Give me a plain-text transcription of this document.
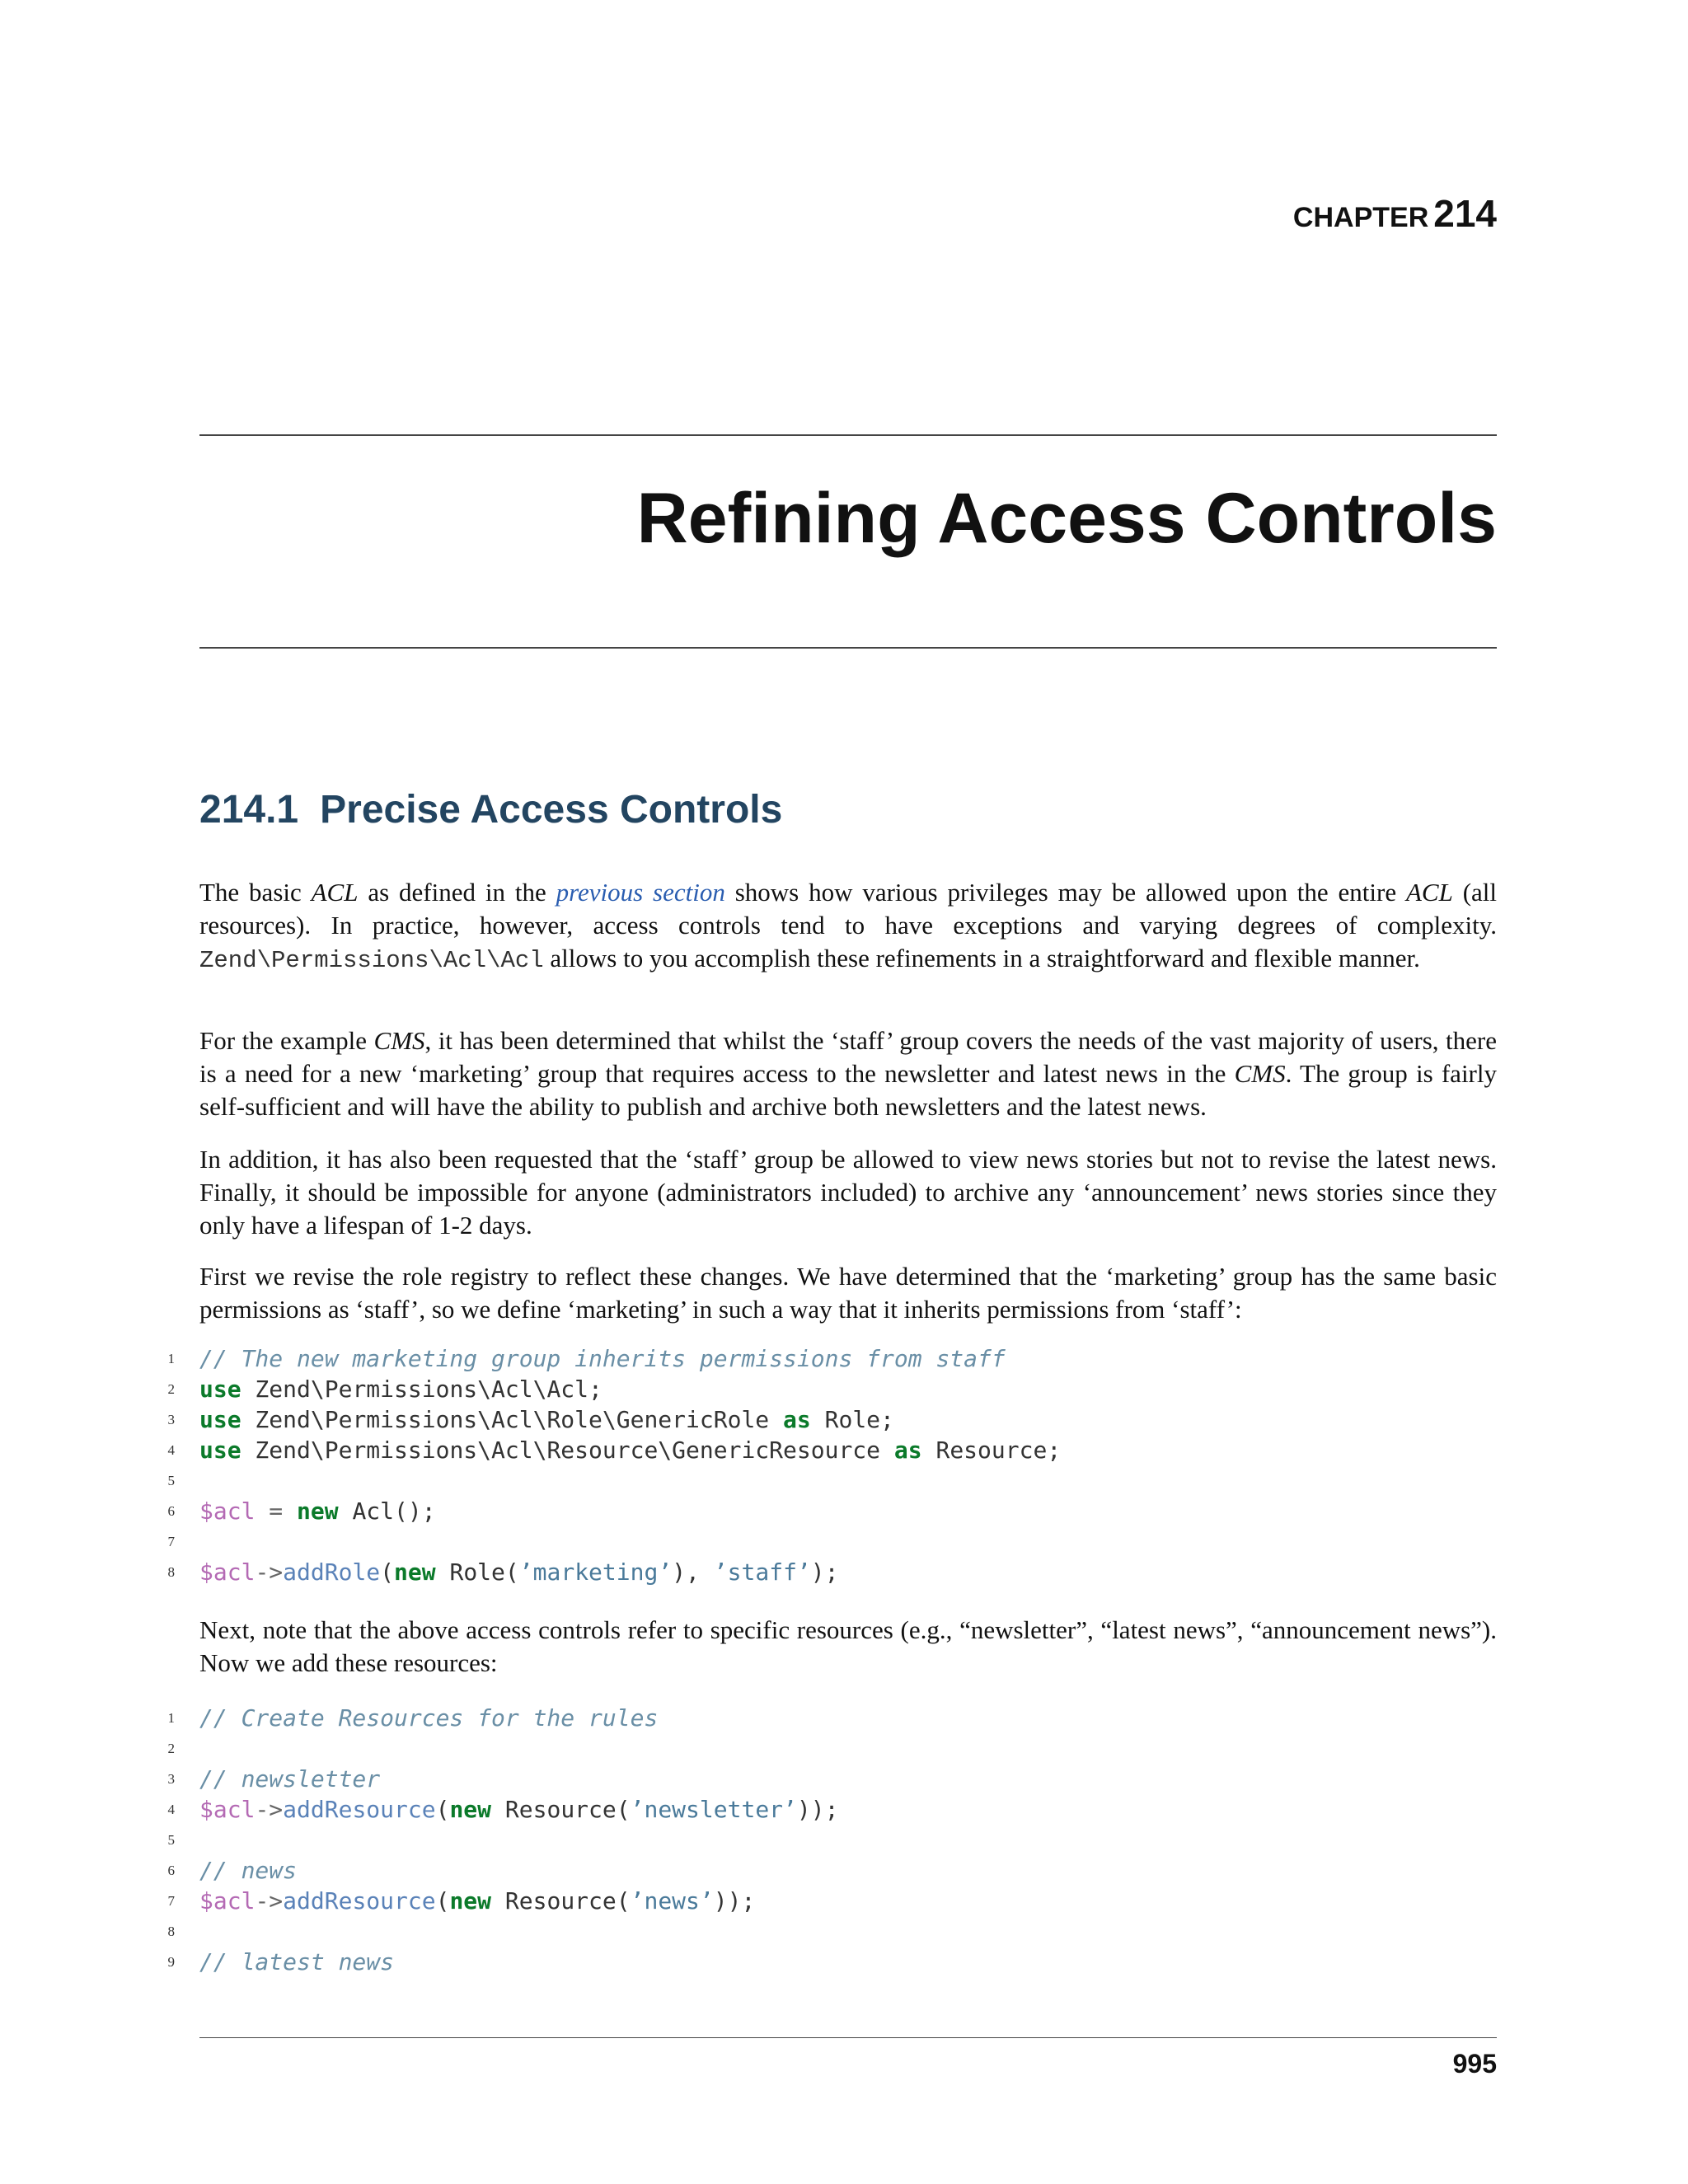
CHAPTER 214
Refining Access Controls
214.1 Precise Access Controls

The basic ACL as defined in the previous section shows how various privileges may be allowed upon the entire ACL (all resources). In practice, however, access controls tend to have exceptions and varying degrees of complexity. Zend\Permissions\Acl\Acl allows to you accomplish these refinements in a straightforward and flexible manner.

For the example CMS, it has been determined that whilst the ‘staff’ group covers the needs of the vast majority of users, there is a need for a new ‘marketing’ group that requires access to the newsletter and latest news in the CMS. The group is fairly self-sufficient and will have the ability to publish and archive both newsletters and the latest news.

In addition, it has also been requested that the ‘staff’ group be allowed to view news stories but not to revise the latest news. Finally, it should be impossible for anyone (administrators included) to archive any ‘announcement’ news stories since they only have a lifespan of 1-2 days.

First we revise the role registry to reflect these changes. We have determined that the ‘marketing’ group has the same basic permissions as ‘staff’, so we define ‘marketing’ in such a way that it inherits permissions from ‘staff’:

1 // The new marketing group inherits permissions from staff
2 use Zend\Permissions\Acl\Acl;
3 use Zend\Permissions\Acl\Role\GenericRole as Role;
4 use Zend\Permissions\Acl\Resource\GenericResource as Resource;
5
6 $acl = new Acl();
7
8 $acl->addRole(new Role(’marketing’), ’staff’);

Next, note that the above access controls refer to specific resources (e.g., “newsletter”, “latest news”, “announcement news”). Now we add these resources:

1 // Create Resources for the rules
2
3 // newsletter
4 $acl->addResource(new Resource(’newsletter’));
5
6 // news
7 $acl->addResource(new Resource(’news’));
8
9 // latest news
995
